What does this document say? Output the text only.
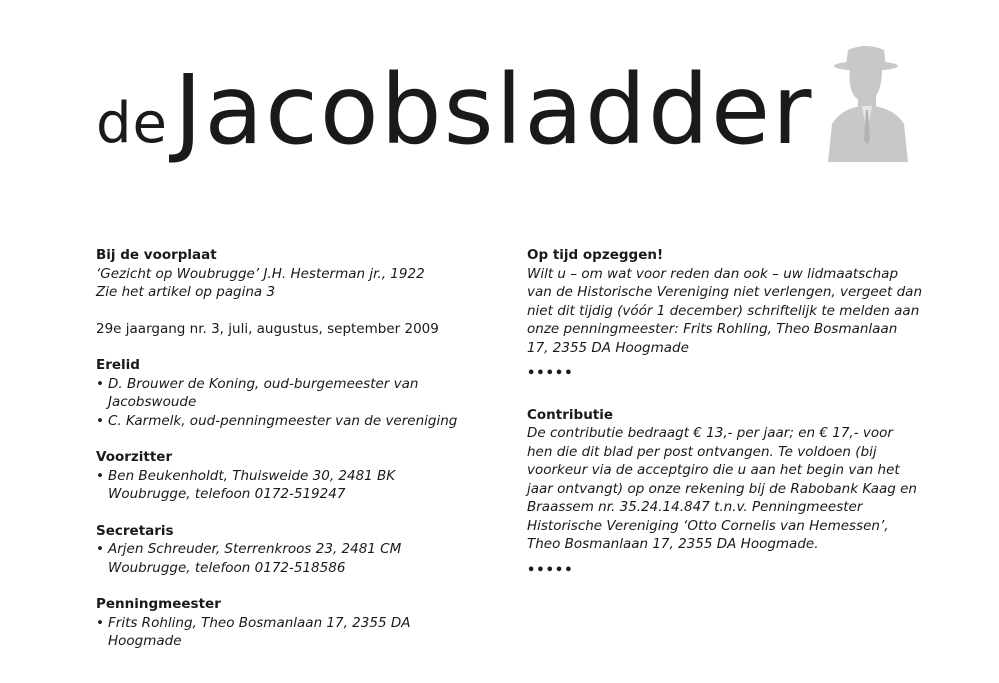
de Jacobsladder
Bij de voorplaat
‘Gezicht op Woubrugge’ J.H. Hesterman jr., 1922
Zie het artikel op pagina 3
29e jaargang nr. 3, juli, augustus, september 2009
Erelid
• D. Brouwer de Koning, oud-burgemeester van Jacobswoude
• C. Karmelk, oud-penningmeester van de vereniging
Voorzitter
• Ben Beukenholdt, Thuisweide 30, 2481 BK Woubrugge, telefoon 0172-519247
Secretaris
• Arjen Schreuder, Sterrenkroos 23, 2481 CM Woubrugge, telefoon 0172-518586
Penningmeester
• Frits Rohling, Theo Bosmanlaan 17, 2355 DA Hoogmade
Op tijd opzeggen!
Wilt u – om wat voor reden dan ook – uw lidmaatschap van de Historische Vereniging niet verlengen, vergeet dan niet dit tijdig (vóór 1 december) schriftelijk te melden aan onze penningmeester: Frits Rohling, Theo Bosmanlaan 17, 2355 DA Hoogmade
•••••
Contributie
De contributie bedraagt € 13,- per jaar; en € 17,- voor hen die dit blad per post ontvangen. Te voldoen (bij voorkeur via de acceptgiro die u aan het begin van het jaar ontvangt) op onze rekening bij de Rabobank Kaag en Braassem nr. 35.24.14.847 t.n.v. Penningmeester Historische Vereniging ‘Otto Cornelis van Hemessen’, Theo Bosmanlaan 17, 2355 DA Hoogmade.
•••••
